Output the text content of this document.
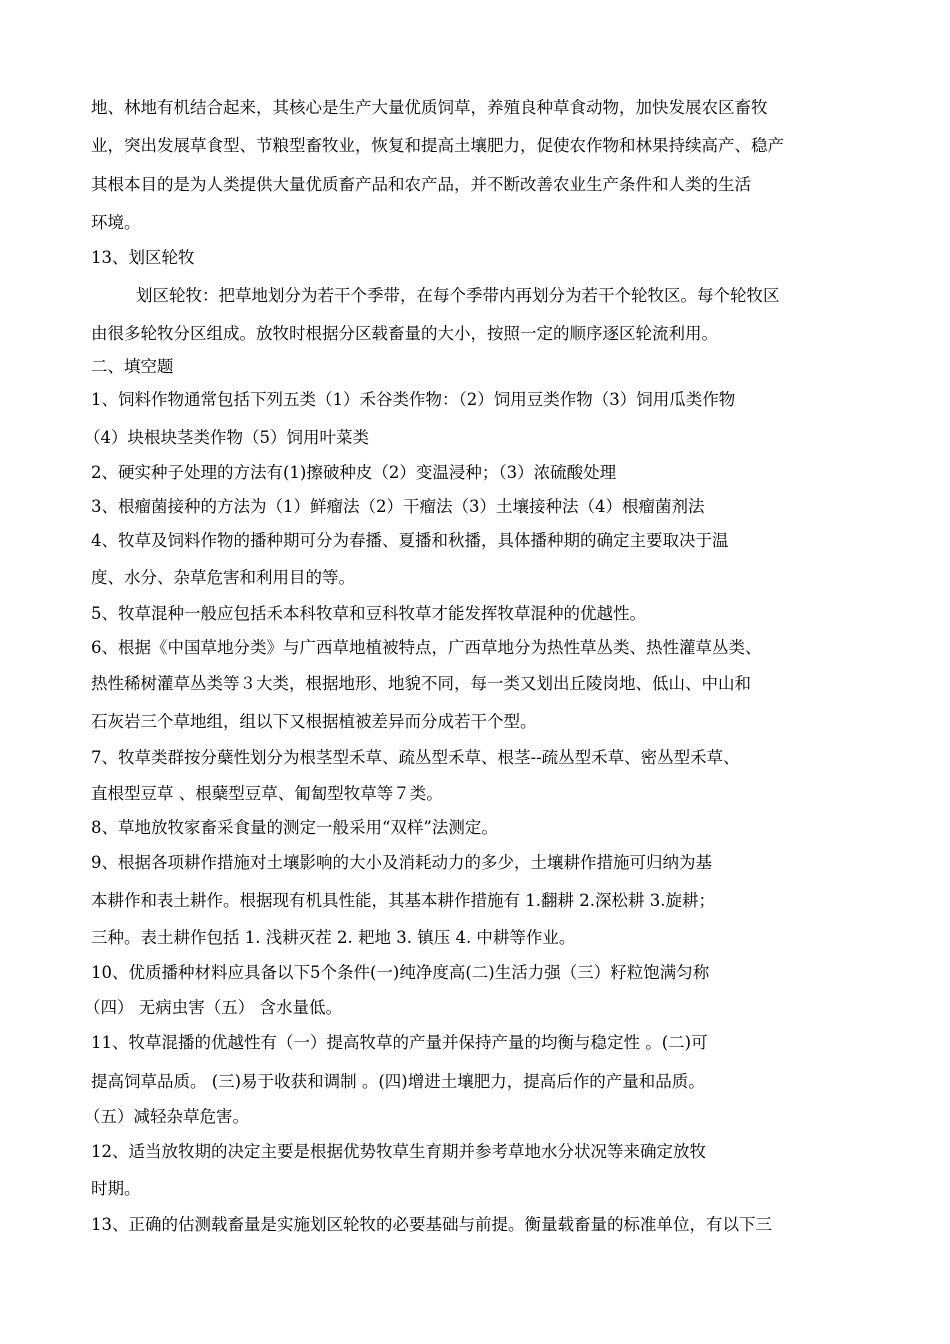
地、林地有机结合起来，其核心是生产大量优质饲草，养殖良种草食动物，加快发展农区畜牧

业，突出发展草食型、节粮型畜牧业，恢复和提高土壤肥力，促使农作物和林果持续高产、稳产

其根本目的是为人类提供大量优质畜产品和农产品，并不断改善农业生产条件和人类的生活

环境。

13、划区轮牧

划区轮牧：把草地划分为若干个季带，在每个季带内再划分为若干个轮牧区。每个轮牧区

由很多轮牧分区组成。放牧时根据分区载畜量的大小，按照一定的顺序逐区轮流利用。

二、填空题

1、饲料作物通常包括下列五类（1）禾谷类作物：（2）饲用豆类作物（3）饲用瓜类作物

（4）块根块茎类作物（5）饲用叶菜类

2、硬实种子处理的方法有(1)擦破种皮（2）变温浸种；（3）浓硫酸处理

3、根瘤菌接种的方法为（1）鲜瘤法（2）干瘤法（3）土壤接种法（4）根瘤菌剂法

4、牧草及饲料作物的播种期可分为春播、夏播和秋播，具体播种期的确定主要取决于温

度、水分、杂草危害和利用目的等。

5、牧草混种一般应包括禾本科牧草和豆科牧草才能发挥牧草混种的优越性。

6、根据《中国草地分类》与广西草地植被特点，广西草地分为热性草丛类、热性灌草丛类、

热性稀树灌草丛类等３大类，根据地形、地貌不同，每一类又划出丘陵岗地、低山、中山和

石灰岩三个草地组，组以下又根据植被差异而分成若干个型。

7、牧草类群按分蘖性划分为根茎型禾草、疏丛型禾草、根茎--疏丛型禾草、密丛型禾草、

直根型豆草 、根蘖型豆草、匍匐型牧草等７类。

8、草地放牧家畜采食量的测定一般采用“双样”法测定。

9、根据各项耕作措施对土壤影响的大小及消耗动力的多少，土壤耕作措施可归纳为基

本耕作和表土耕作。根据现有机具性能，其基本耕作措施有 1.翻耕 2.深松耕 3.旋耕；

三种。表土耕作包括 1. 浅耕灭茬 2. 耙地 3. 镇压 4. 中耕等作业。

10、优质播种材料应具备以下5个条件(一)纯净度高(二)生活力强（三）籽粒饱满匀称

（四） 无病虫害（五） 含水量低。

11、牧草混播的优越性有（一）提高牧草的产量并保持产量的均衡与稳定性 。(二)可

提高饲草品质。 (三)易于收获和调制 。(四)增进土壤肥力，提高后作的产量和品质。

（五）减轻杂草危害。

12、适当放牧期的决定主要是根据优势牧草生育期并参考草地水分状况等来确定放牧

时期。

13、正确的估测载畜量是实施划区轮牧的必要基础与前提。衡量载畜量的标准单位，有以下三
